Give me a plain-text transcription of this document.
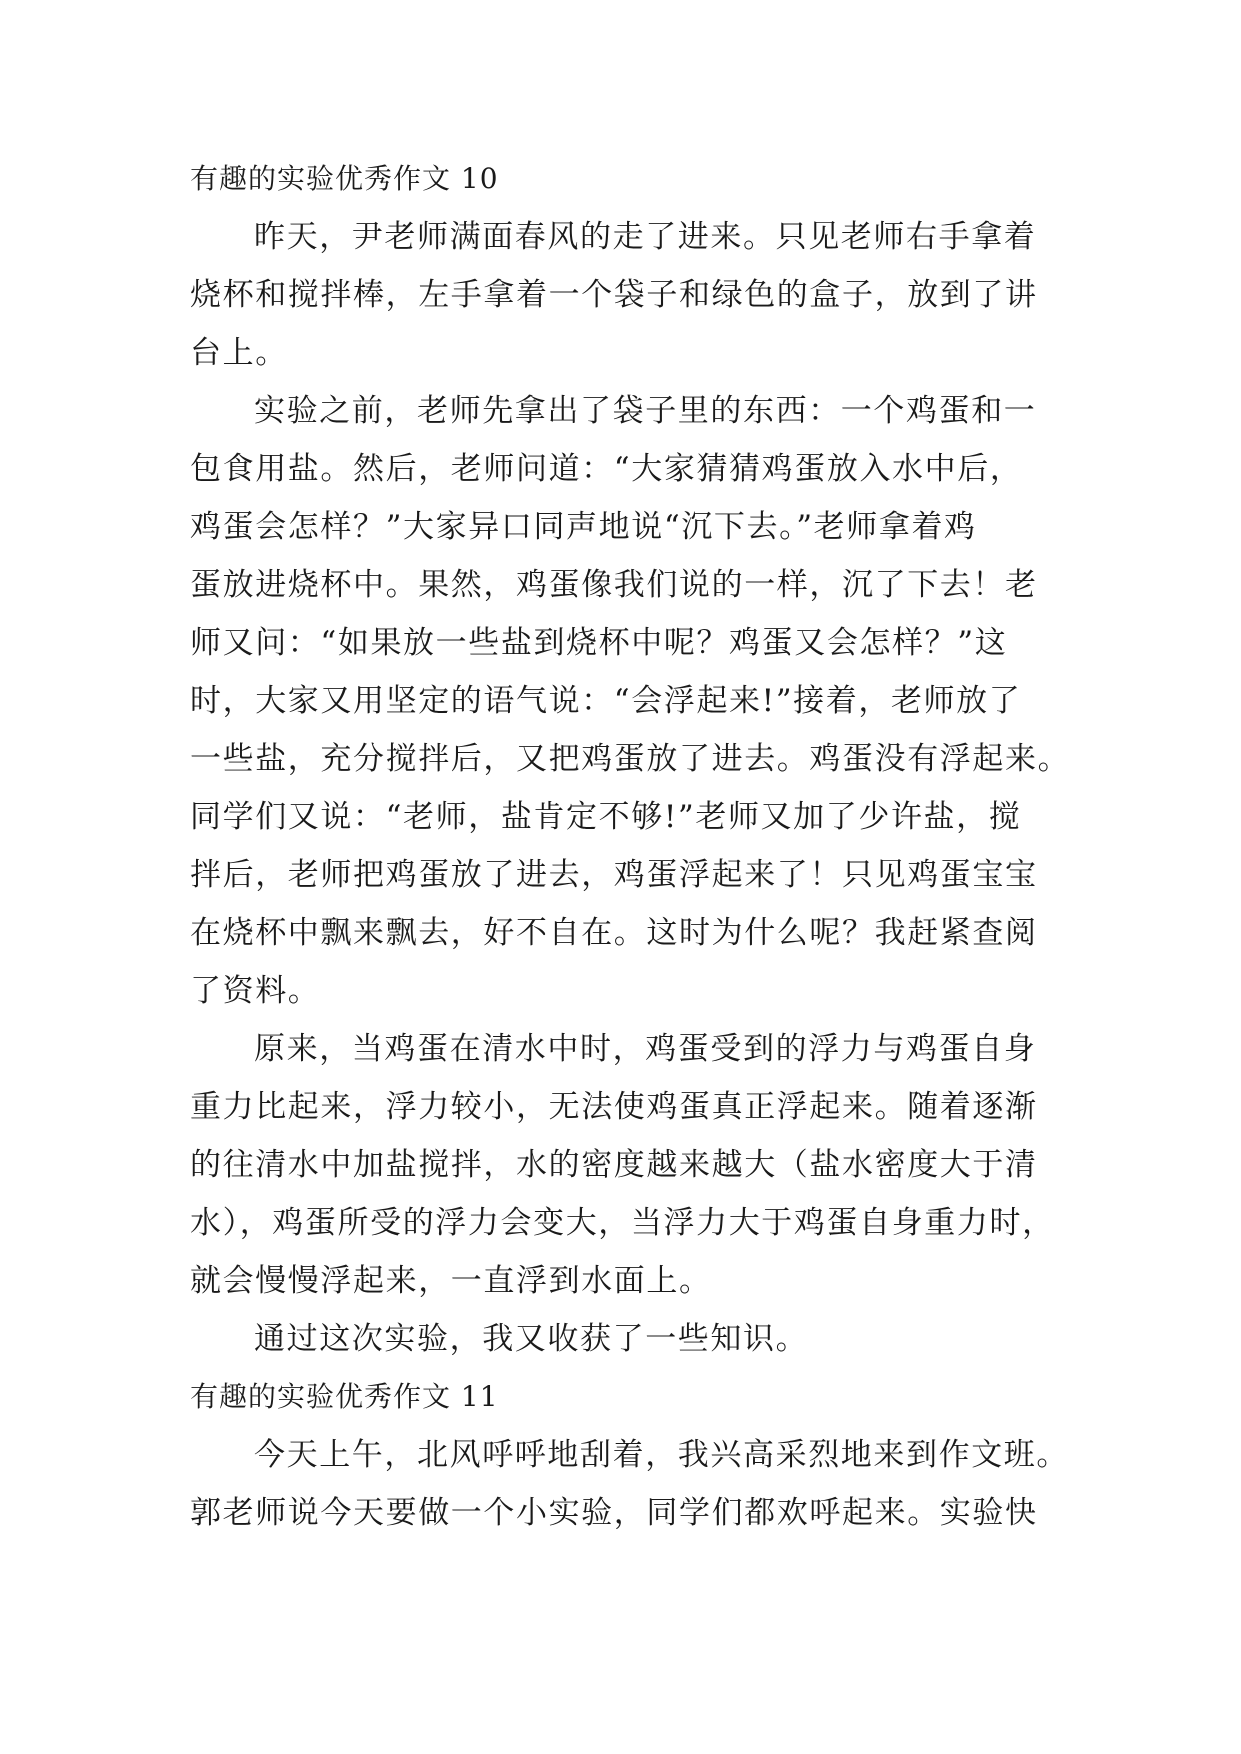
有趣的实验优秀作文 10

昨天，尹老师满面春风的走了进来。只见老师右手拿着

烧杯和搅拌棒，左手拿着一个袋子和绿色的盒子，放到了讲

台上。

实验之前，老师先拿出了袋子里的东西：一个鸡蛋和一

包食用盐。然后，老师问道：“大家猜猜鸡蛋放入水中后，

鸡蛋会怎样？”大家异口同声地说“沉下去。”老师拿着鸡

蛋放进烧杯中。果然，鸡蛋像我们说的一样，沉了下去！老

师又问：“如果放一些盐到烧杯中呢？鸡蛋又会怎样？”这

时，大家又用坚定的语气说：“会浮起来!”接着，老师放了

一些盐，充分搅拌后，又把鸡蛋放了进去。鸡蛋没有浮起来。

同学们又说：“老师，盐肯定不够!”老师又加了少许盐，搅

拌后，老师把鸡蛋放了进去，鸡蛋浮起来了！只见鸡蛋宝宝

在烧杯中飘来飘去，好不自在。这时为什么呢？我赶紧查阅

了资料。

原来，当鸡蛋在清水中时，鸡蛋受到的浮力与鸡蛋自身

重力比起来，浮力较小，无法使鸡蛋真正浮起来。随着逐渐

的往清水中加盐搅拌，水的密度越来越大（盐水密度大于清

水），鸡蛋所受的浮力会变大，当浮力大于鸡蛋自身重力时，

就会慢慢浮起来，一直浮到水面上。

通过这次实验，我又收获了一些知识。

有趣的实验优秀作文 11

今天上午，北风呼呼地刮着，我兴高采烈地来到作文班。

郭老师说今天要做一个小实验，同学们都欢呼起来。实验快
